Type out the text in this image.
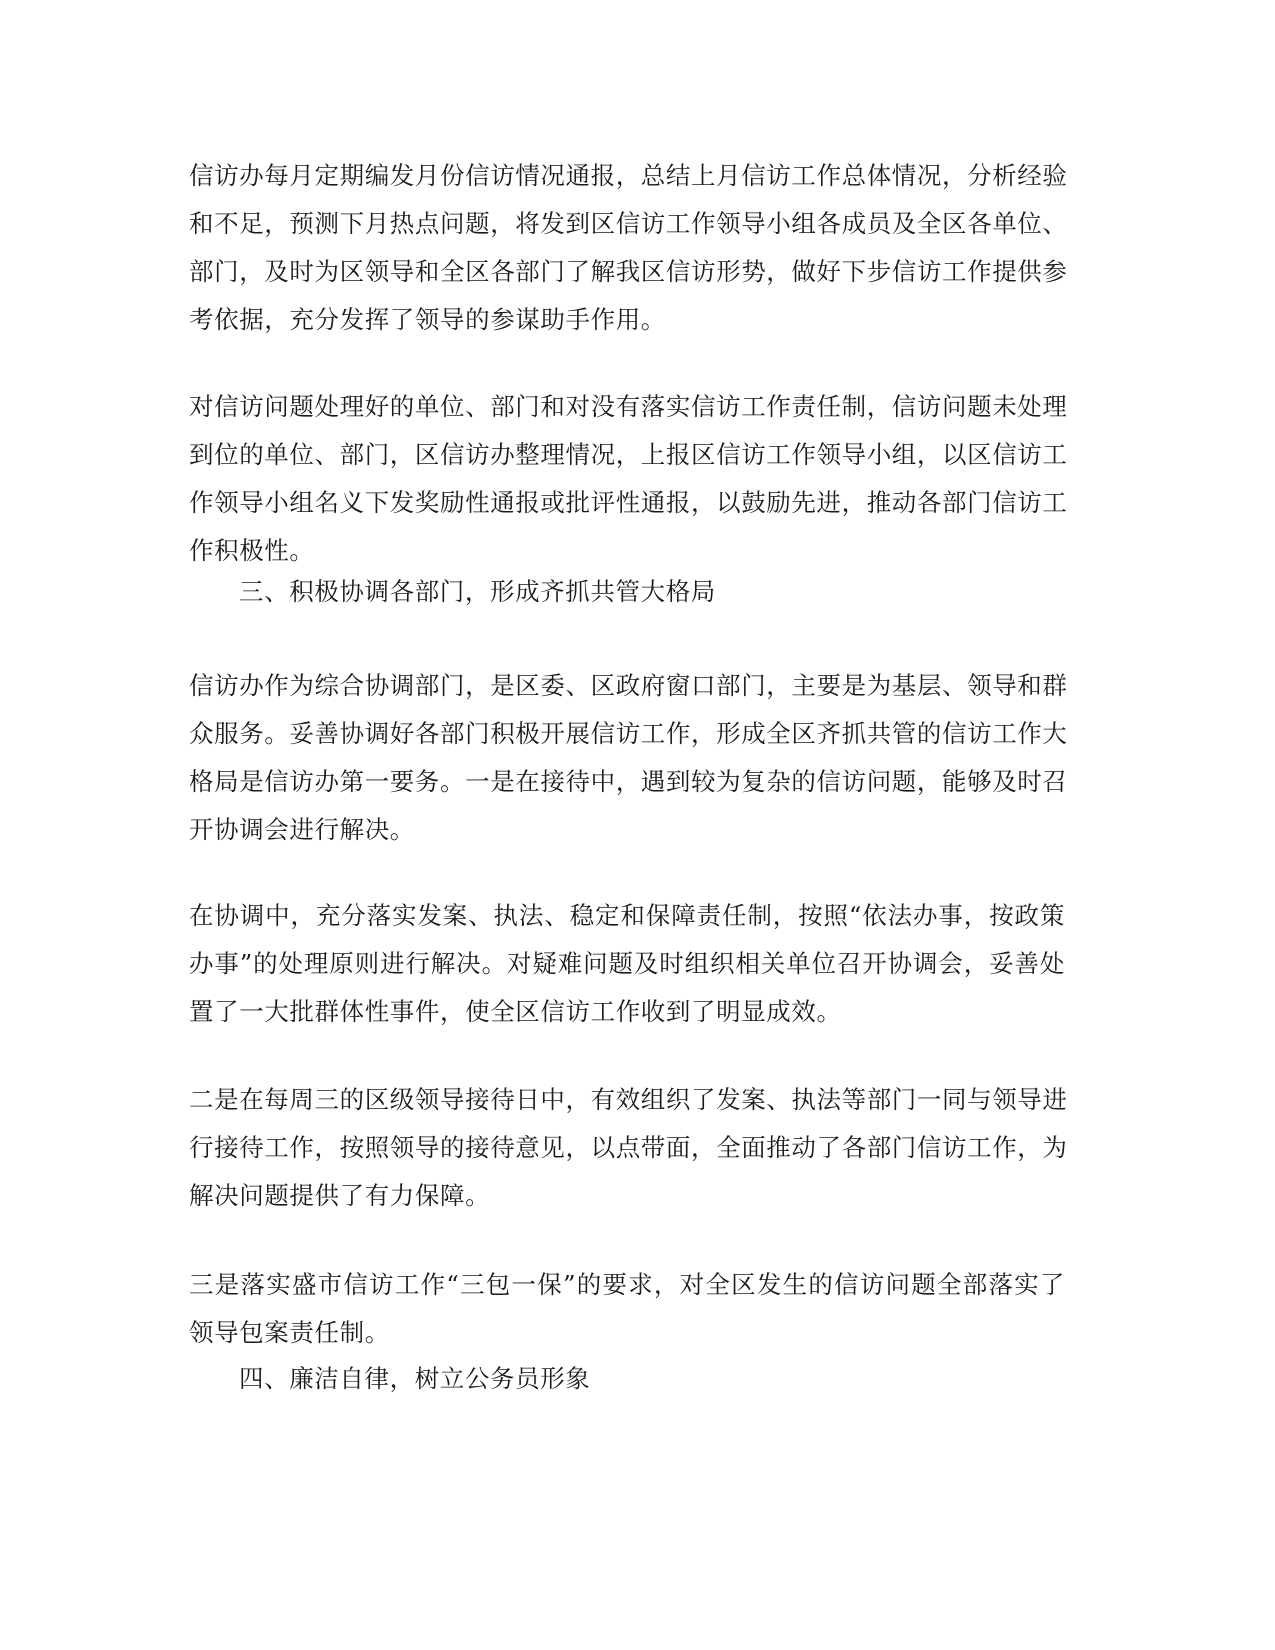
信访办每月定期编发月份信访情况通报，总结上月信访工作总体情况，分析经验
和不足，预测下月热点问题，将发到区信访工作领导小组各成员及全区各单位、
部门，及时为区领导和全区各部门了解我区信访形势，做好下步信访工作提供参
考依据，充分发挥了领导的参谋助手作用。

对信访问题处理好的单位、部门和对没有落实信访工作责任制，信访问题未处理
到位的单位、部门，区信访办整理情况，上报区信访工作领导小组，以区信访工
作领导小组名义下发奖励性通报或批评性通报，以鼓励先进，推动各部门信访工
作积极性。

三、积极协调各部门，形成齐抓共管大格局

信访办作为综合协调部门，是区委、区政府窗口部门，主要是为基层、领导和群
众服务。妥善协调好各部门积极开展信访工作，形成全区齐抓共管的信访工作大
格局是信访办第一要务。一是在接待中，遇到较为复杂的信访问题，能够及时召
开协调会进行解决。

在协调中，充分落实发案、执法、稳定和保障责任制，按照“依法办事，按政策
办事”的处理原则进行解决。对疑难问题及时组织相关单位召开协调会，妥善处
置了一大批群体性事件，使全区信访工作收到了明显成效。

二是在每周三的区级领导接待日中，有效组织了发案、执法等部门一同与领导进
行接待工作，按照领导的接待意见，以点带面，全面推动了各部门信访工作，为
解决问题提供了有力保障。

三是落实盛市信访工作“三包一保”的要求，对全区发生的信访问题全部落实了
领导包案责任制。

四、廉洁自律，树立公务员形象
